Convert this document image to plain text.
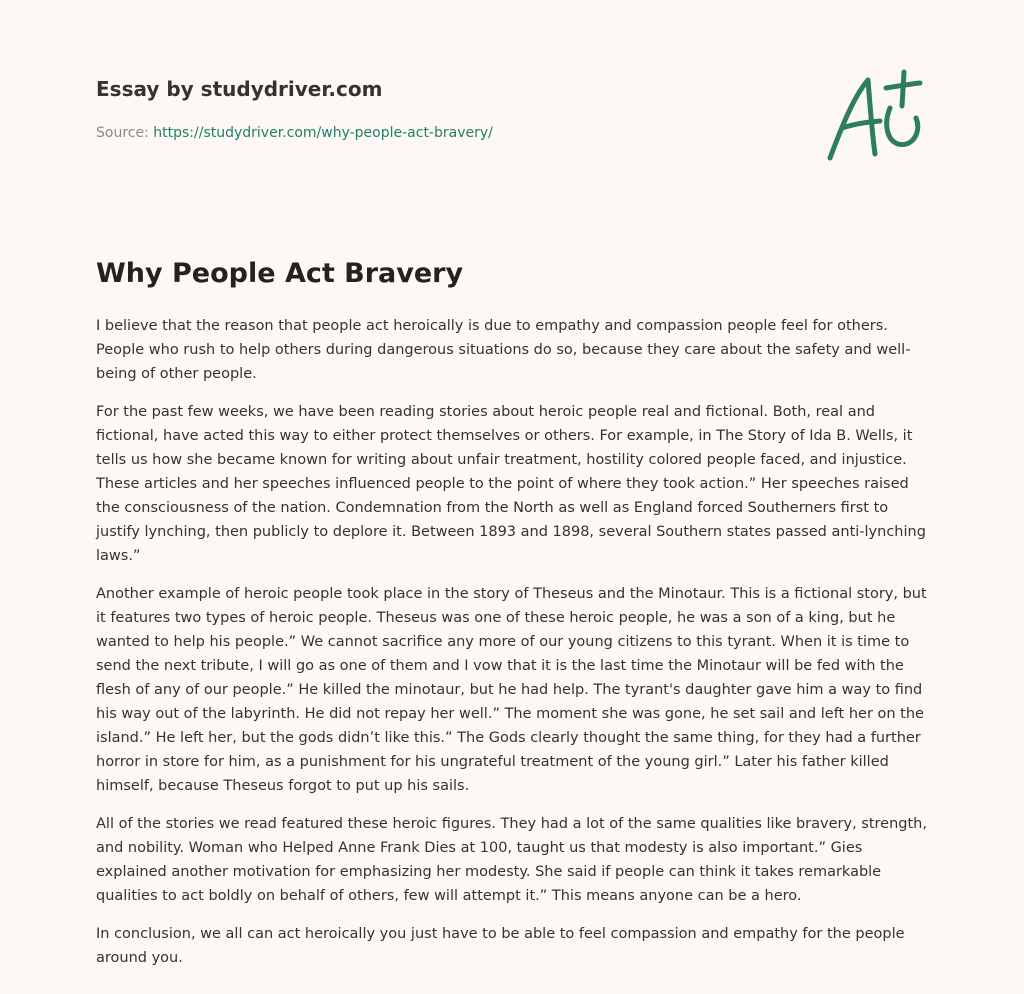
Essay by studydriver.com
Source: https://studydriver.com/why-people-act-bravery/
Why People Act Bravery

I believe that the reason that people act heroically is due to empathy and compassion people feel for others. People who rush to help others during dangerous situations do so, because they care about the safety and well-being of other people.

For the past few weeks, we have been reading stories about heroic people real and fictional. Both, real and fictional, have acted this way to either protect themselves or others. For example, in The Story of Ida B. Wells, it tells us how she became known for writing about unfair treatment, hostility colored people faced, and injustice. These articles and her speeches influenced people to the point of where they took action.” Her speeches raised the consciousness of the nation. Condemnation from the North as well as England forced Southerners first to justify lynching, then publicly to deplore it. Between 1893 and 1898, several Southern states passed anti-lynching laws.”

Another example of heroic people took place in the story of Theseus and the Minotaur. This is a fictional story, but it features two types of heroic people. Theseus was one of these heroic people, he was a son of a king, but he wanted to help his people.” We cannot sacrifice any more of our young citizens to this tyrant. When it is time to send the next tribute, I will go as one of them and I vow that it is the last time the Minotaur will be fed with the flesh of any of our people.” He killed the minotaur, but he had help. The tyrant's daughter gave him a way to find his way out of the labyrinth. He did not repay her well.” The moment she was gone, he set sail and left her on the island.” He left her, but the gods didn’t like this.” The Gods clearly thought the same thing, for they had a further horror in store for him, as a punishment for his ungrateful treatment of the young girl.” Later his father killed himself, because Theseus forgot to put up his sails.

All of the stories we read featured these heroic figures. They had a lot of the same qualities like bravery, strength, and nobility. Woman who Helped Anne Frank Dies at 100, taught us that modesty is also important.” Gies explained another motivation for emphasizing her modesty. She said if people can think it takes remarkable qualities to act boldly on behalf of others, few will attempt it.” This means anyone can be a hero.

In conclusion, we all can act heroically you just have to be able to feel compassion and empathy for the people around you.
